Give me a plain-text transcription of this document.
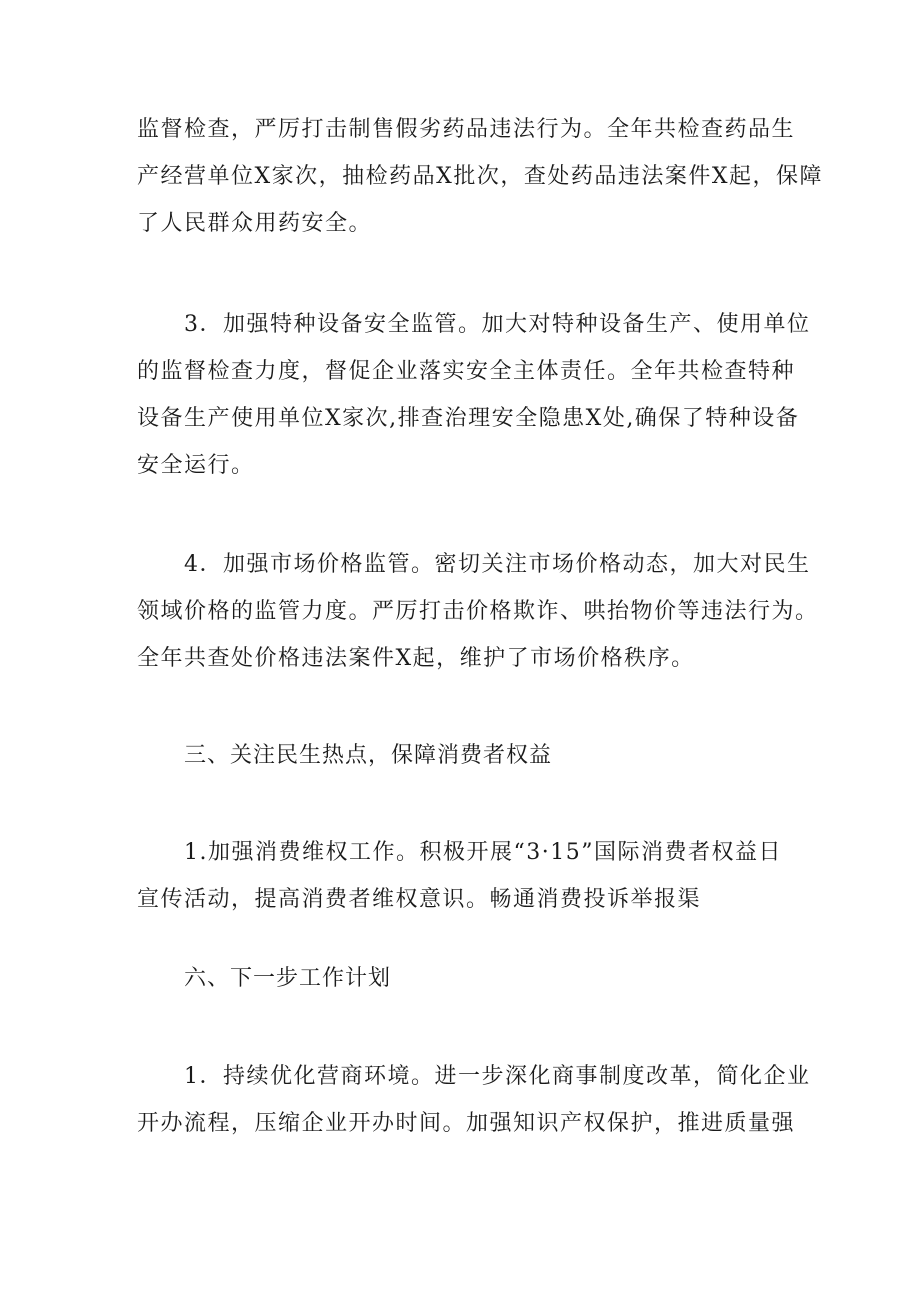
监督检查，严厉打击制售假劣药品违法行为。全年共检查药品生
产经营单位X家次，抽检药品X批次，查处药品违法案件X起，保障
了人民群众用药安全。
3．加强特种设备安全监管。加大对特种设备生产、使用单位
的监督检查力度，督促企业落实安全主体责任。全年共检查特种
设备生产使用单位X家次,排查治理安全隐患X处,确保了特种设备
安全运行。
4．加强市场价格监管。密切关注市场价格动态，加大对民生
领域价格的监管力度。严厉打击价格欺诈、哄抬物价等违法行为。
全年共查处价格违法案件X起，维护了市场价格秩序。
三、关注民生热点，保障消费者权益
1.加强消费维权工作。积极开展“3·15”国际消费者权益日
宣传活动，提高消费者维权意识。畅通消费投诉举报渠
六、下一步工作计划
1．持续优化营商环境。进一步深化商事制度改革，简化企业
开办流程，压缩企业开办时间。加强知识产权保护，推进质量强
